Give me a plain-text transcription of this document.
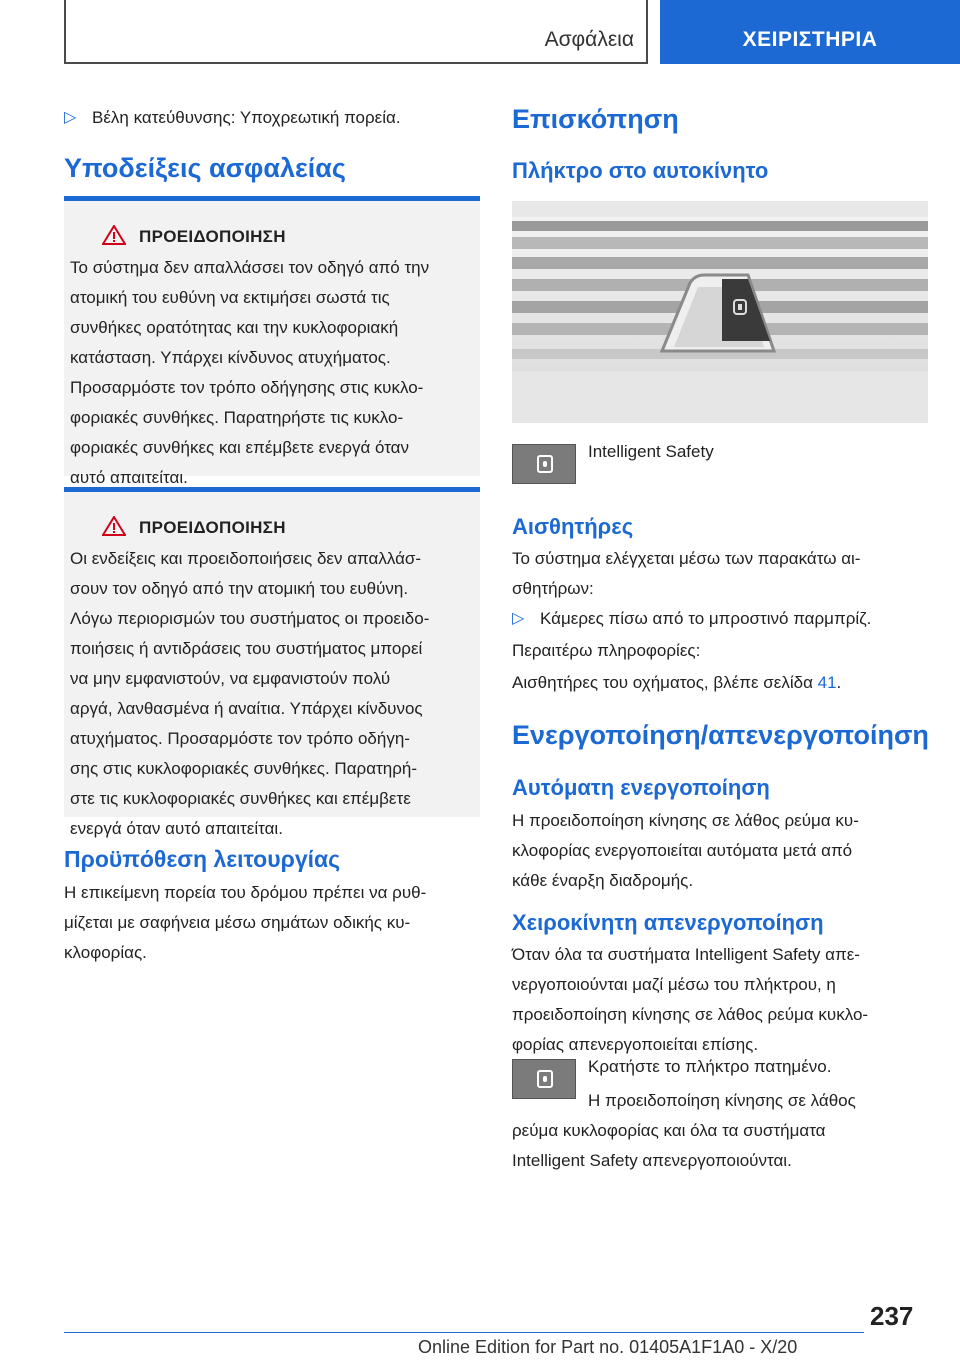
Ασφάλεια	ΧΕΙΡΙΣΤΗΡΙΑ
▷ Βέλη κατεύθυνσης: Υποχρεωτική πορεία.
Υποδείξεις ασφαλείας
ΠΡΟΕΙΔΟΠΟΙΗΣΗ
Το σύστημα δεν απαλλάσσει τον οδηγό από την
ατομική του ευθύνη να εκτιμήσει σωστά τις
συνθήκες ορατότητας και την κυκλοφοριακή
κατάσταση. Υπάρχει κίνδυνος ατυχήματος.
Προσαρμόστε τον τρόπο οδήγησης στις κυκλο-
φοριακές συνθήκες. Παρατηρήστε τις κυκλο-
φοριακές συνθήκες και επέμβετε ενεργά όταν
αυτό απαιτείται.
ΠΡΟΕΙΔΟΠΟΙΗΣΗ
Οι ενδείξεις και προειδοποιήσεις δεν απαλλάσ-
σουν τον οδηγό από την ατομική του ευθύνη.
Λόγω περιορισμών του συστήματος οι προειδο-
ποιήσεις ή αντιδράσεις του συστήματος μπορεί
να μην εμφανιστούν, να εμφανιστούν πολύ
αργά, λανθασμένα ή αναίτια. Υπάρχει κίνδυνος
ατυχήματος. Προσαρμόστε τον τρόπο οδήγη-
σης στις κυκλοφοριακές συνθήκες. Παρατηρή-
στε τις κυκλοφοριακές συνθήκες και επέμβετε
ενεργά όταν αυτό απαιτείται.
Προϋπόθεση λειτουργίας
Η επικείμενη πορεία του δρόμου πρέπει να ρυθ-
μίζεται με σαφήνεια μέσω σημάτων οδικής κυ-
κλοφορίας.
Επισκόπηση
Πλήκτρο στο αυτοκίνητο
Intelligent Safety
Αισθητήρες
Το σύστημα ελέγχεται μέσω των παρακάτω αι-
σθητήρων:
▷ Κάμερες πίσω από το μπροστινό παρμπρίζ.
Περαιτέρω πληροφορίες:
Αισθητήρες του οχήματος, βλέπε σελίδα 41.
Ενεργοποίηση/απενεργοποίηση
Αυτόματη ενεργοποίηση
Η προειδοποίηση κίνησης σε λάθος ρεύμα κυ-
κλοφορίας ενεργοποιείται αυτόματα μετά από
κάθε έναρξη διαδρομής.
Χειροκίνητη απενεργοποίηση
Όταν όλα τα συστήματα Intelligent Safety απε-
νεργοποιούνται μαζί μέσω του πλήκτρου, η
προειδοποίηση κίνησης σε λάθος ρεύμα κυκλο-
φορίας απενεργοποιείται επίσης.
Κρατήστε το πλήκτρο πατημένο.
Η προειδοποίηση κίνησης σε λάθος
ρεύμα κυκλοφορίας και όλα τα συστήματα
Intelligent Safety απενεργοποιούνται.
237
Online Edition for Part no. 01405A1F1A0 - X/20
